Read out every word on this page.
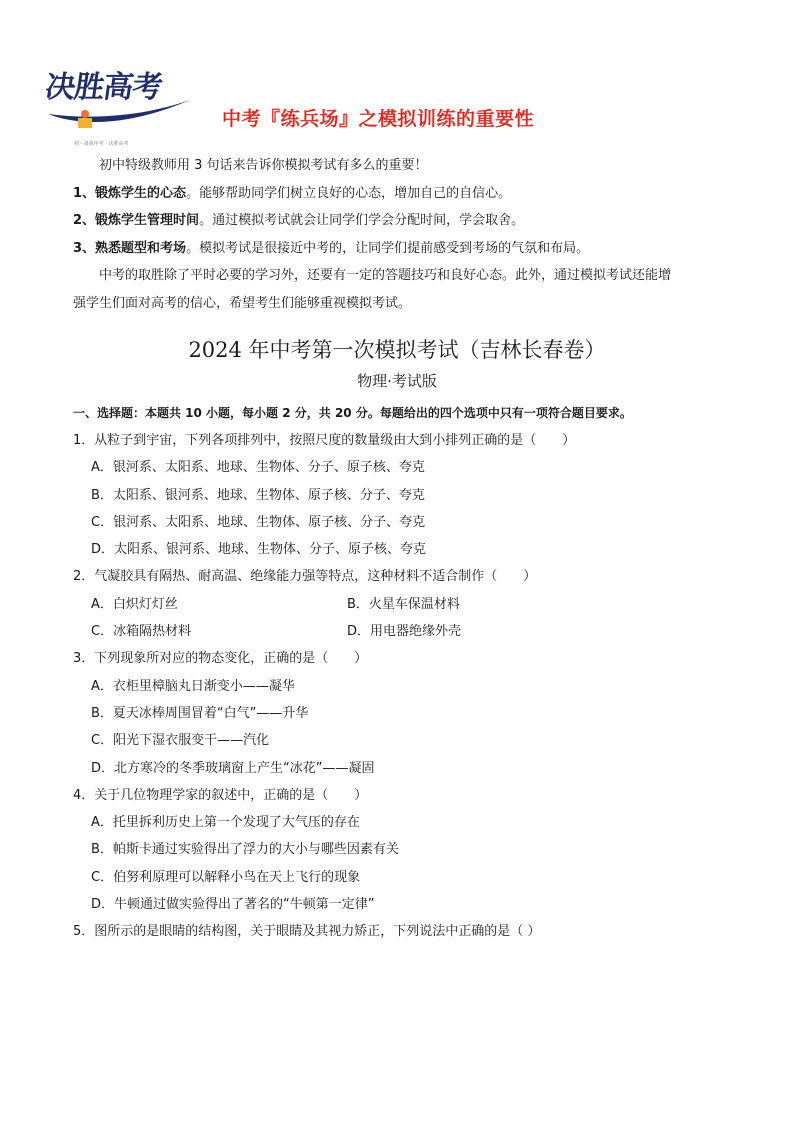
决胜高考
初 · 备战中考 · 决胜高考
中考『练兵场』之模拟训练的重要性

初中特级教师用 3 句话来告诉你模拟考试有多么的重要！

1、锻炼学生的心态。能够帮助同学们树立良好的心态，增加自己的自信心。

2、锻炼学生管理时间。通过模拟考试就会让同学们学会分配时间，学会取舍。

3、熟悉题型和考场。模拟考试是很接近中考的，让同学们提前感受到考场的气氛和布局。

中考的取胜除了平时必要的学习外，还要有一定的答题技巧和良好心态。此外，通过模拟考试还能增

强学生们面对高考的信心，希望考生们能够重视模拟考试。

2024 年中考第一次模拟考试（吉林长春卷）
物理·考试版
一、选择题：本题共 10 小题，每小题 2 分，共 20 分。每题给出的四个选项中只有一项符合题目要求。

1．从粒子到宇宙，下列各项排列中，按照尺度的数量级由大到小排列正确的是（　　）

A．银河系、太阳系、地球、生物体、分子、原子核、夸克

B．太阳系、银河系、地球、生物体、原子核、分子、夸克

C．银河系、太阳系、地球、生物体、原子核、分子、夸克

D．太阳系、银河系、地球、生物体、分子、原子核、夸克

2．气凝胶具有隔热、耐高温、绝缘能力强等特点，这种材料不适合制作（　　）

A．白炽灯灯丝	B．火星车保温材料
C．冰箱隔热材料	D．用电器绝缘外壳

3．下列现象所对应的物态变化，正确的是（　　）

A．衣柜里樟脑丸日渐变小——凝华

B．夏天冰棒周围冒着“白气”——升华

C．阳光下湿衣服变干——汽化

D．北方寒冷的冬季玻璃窗上产生“冰花”——凝固

4．关于几位物理学家的叙述中，正确的是（　　）

A．托里拆利历史上第一个发现了大气压的存在

B．帕斯卡通过实验得出了浮力的大小与哪些因素有关

C．伯努利原理可以解释小鸟在天上飞行的现象

D．牛顿通过做实验得出了著名的“牛顿第一定律”

5．图所示的是眼睛的结构图，关于眼睛及其视力矫正，下列说法中正确的是（ ）
